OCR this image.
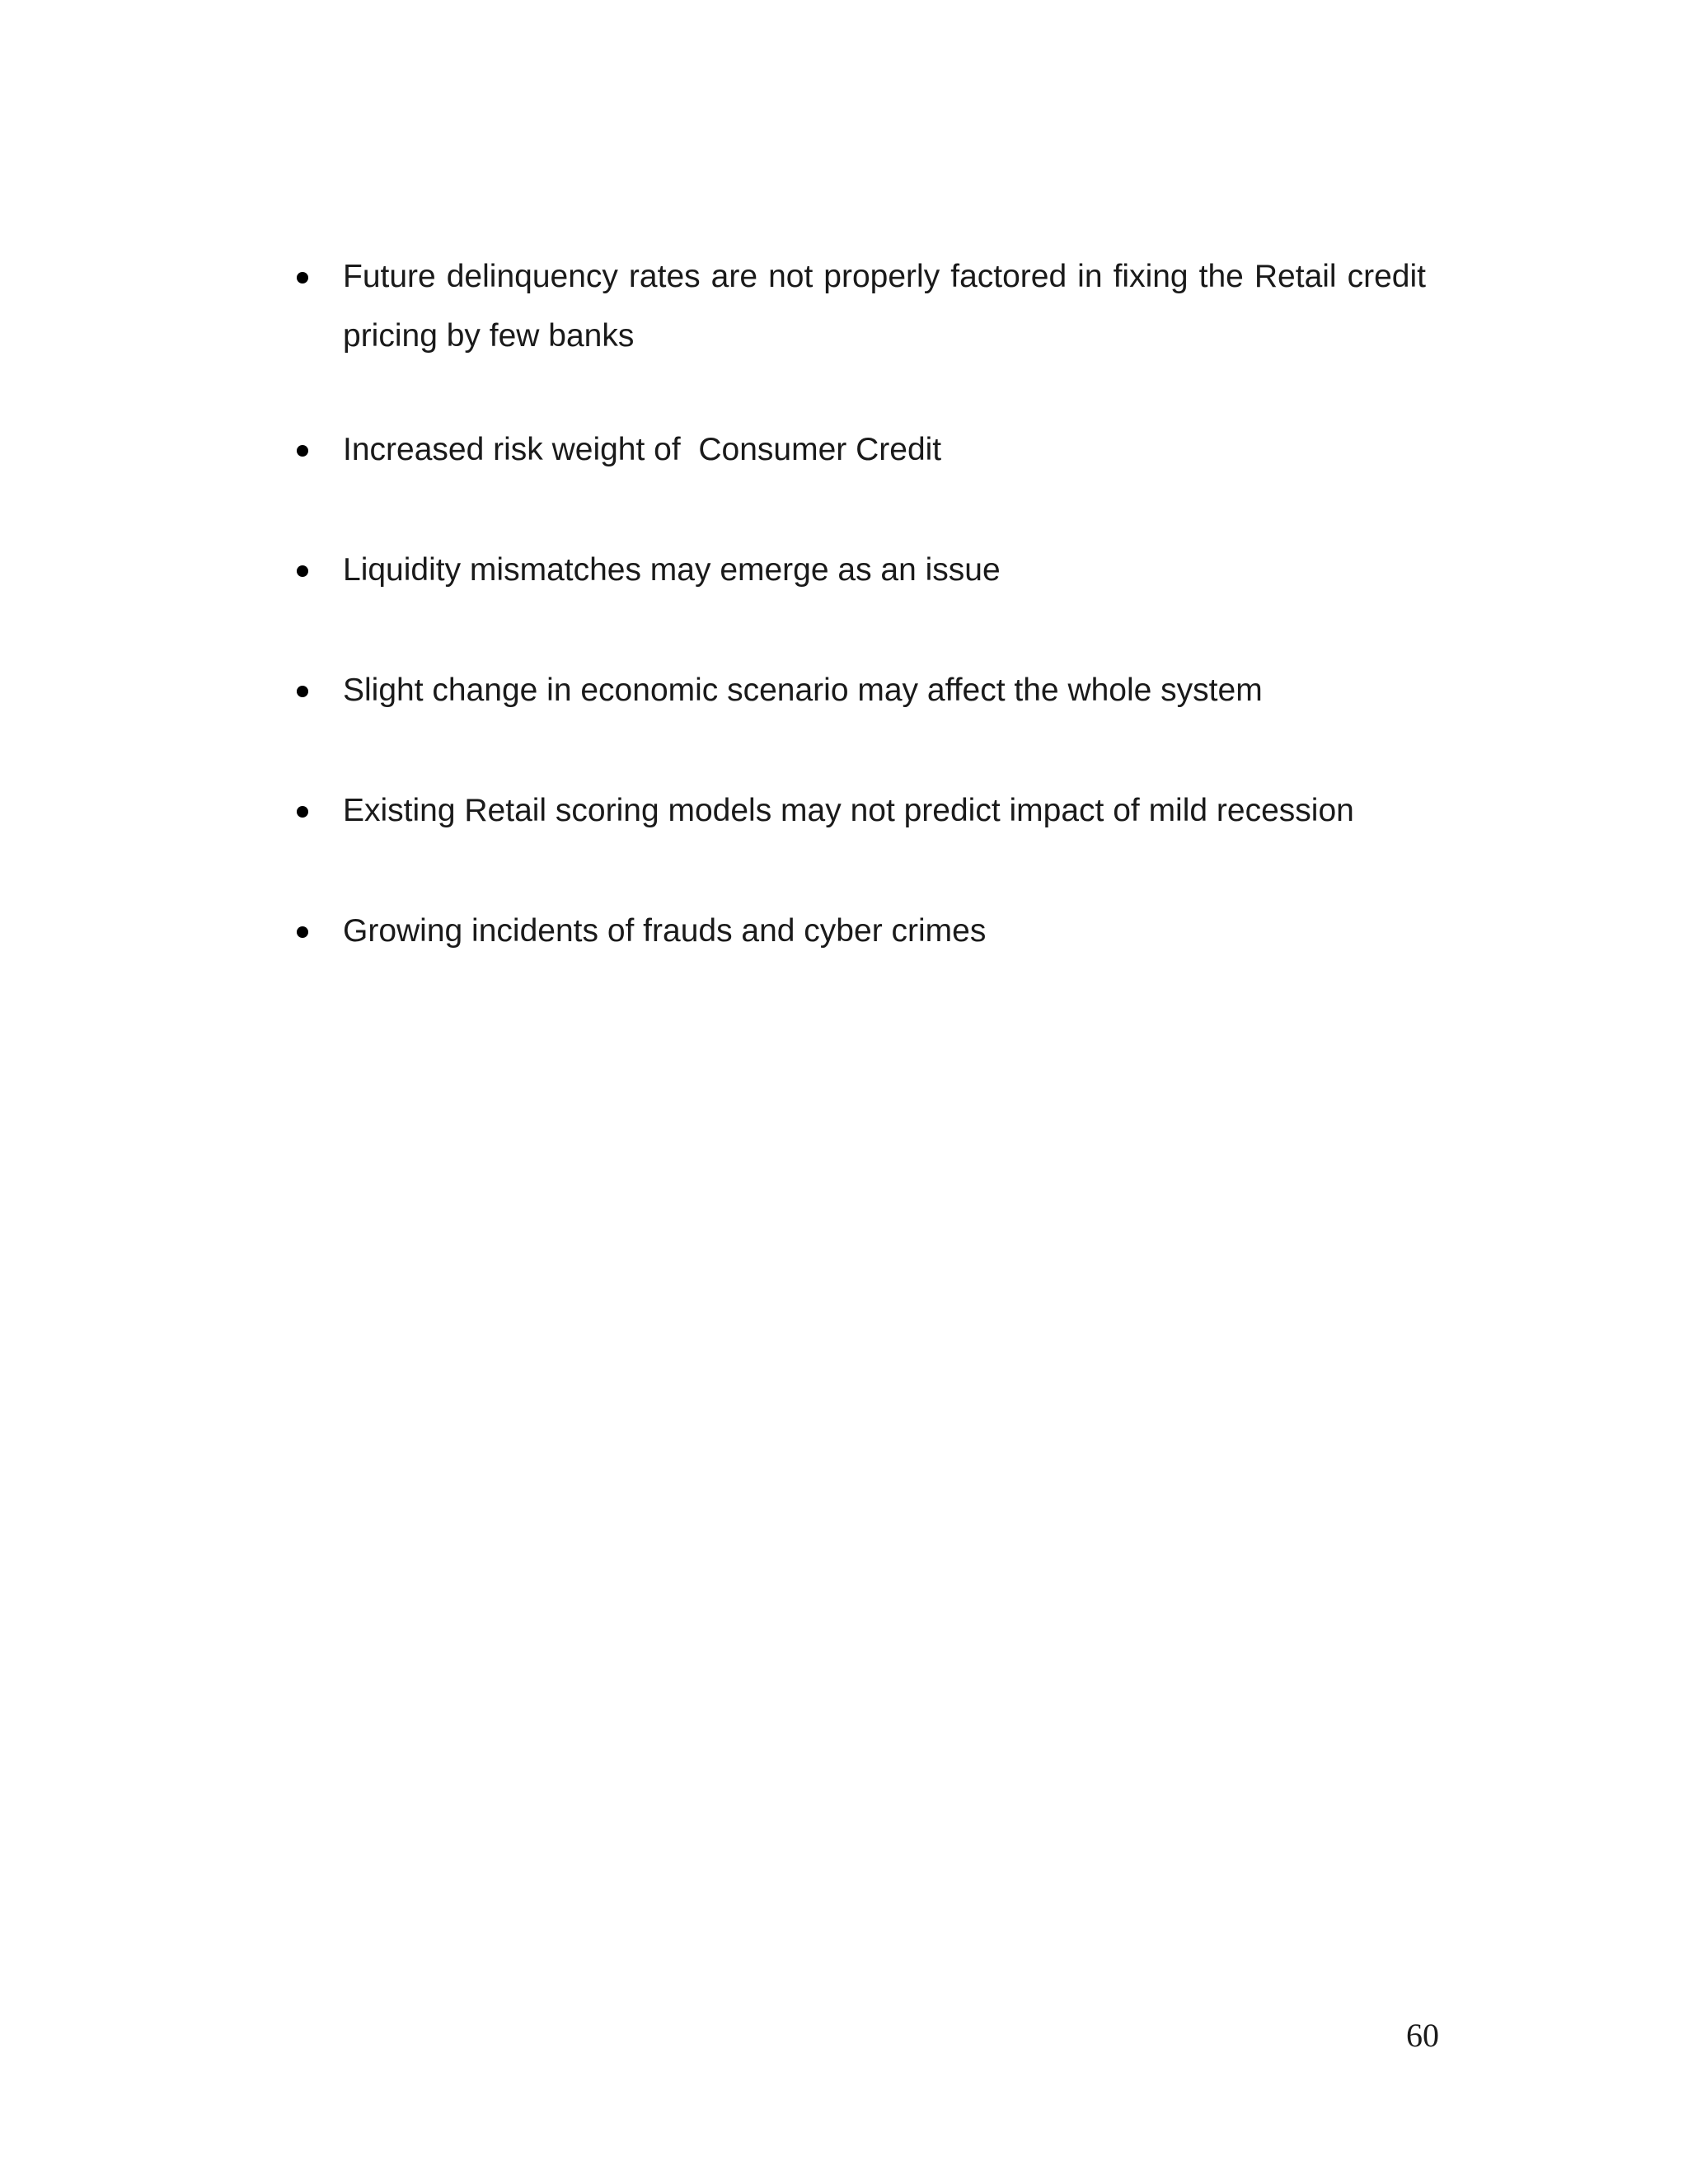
Future delinquency rates are not properly factored in fixing the Retail credit pricing by few banks
Increased risk weight of  Consumer Credit
Liquidity mismatches may emerge as an issue
Slight change in economic scenario may affect the whole system
Existing Retail scoring models may not predict impact of mild recession
Growing incidents of frauds and cyber crimes
60
